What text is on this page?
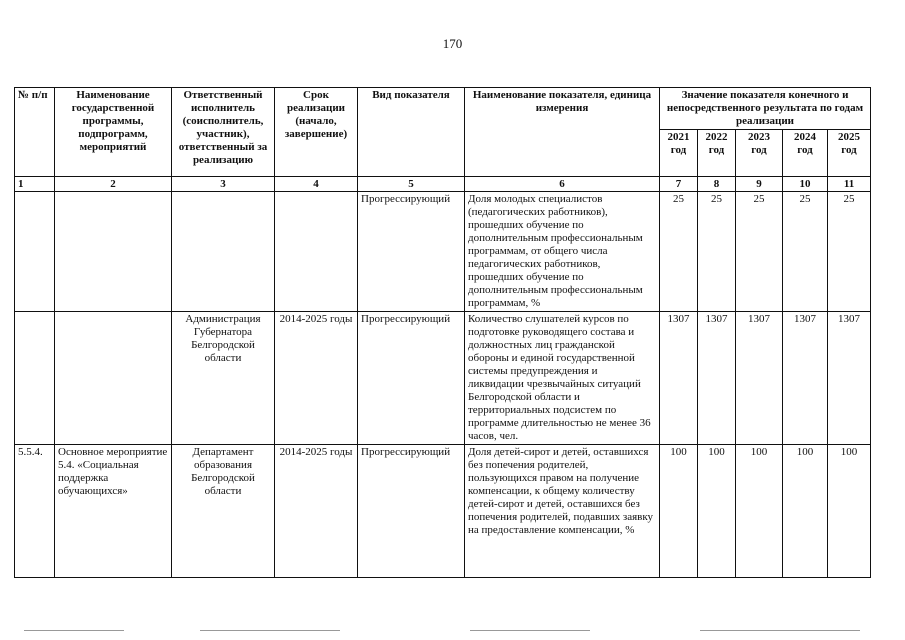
170
№ п/п	Наименование государственной программы, подпрограмм, мероприятий	Ответственный исполнитель (соисполнитель, участник), ответственный за реализацию	Срок реализации (начало, завершение)	Вид показателя	Наименование показателя, единица измерения	Значение показателя конечного и непосредственного результата по годам реализации				
						2021 год	2022 год	2023 год	2024 год	2025 год
1	2	3	4	5	6	7	8	9	10	11
				Прогрессирующий	Доля молодых специалистов (педагогических работников), прошедших обучение по дополнительным профессиональным программам, от общего числа педагогических работников, прошедших обучение по дополнительным профессиональным программам, %	25	25	25	25	25
		Администрация Губернатора Белгородской области	2014-2025 годы	Прогрессирующий	Количество слушателей курсов по подготовке руководящего состава и должностных лиц гражданской обороны и единой государственной системы предупреждения и ликвидации чрезвычайных ситуаций Белгородской области и территориальных подсистем по программе длительностью не менее 36 часов, чел.	1307	1307	1307	1307	1307
5.5.4.	Основное мероприятие 5.4. «Социальная поддержка обучающихся»	Департамент образования Белгородской области	2014-2025 годы	Прогрессирующий	Доля детей-сирот и детей, оставшихся без попечения родителей, пользующихся правом на получение компенсации, к общему количеству детей-сирот и детей, оставшихся без попечения родителей, подавших заявку на предоставление компенсации, %	100	100	100	100	100
